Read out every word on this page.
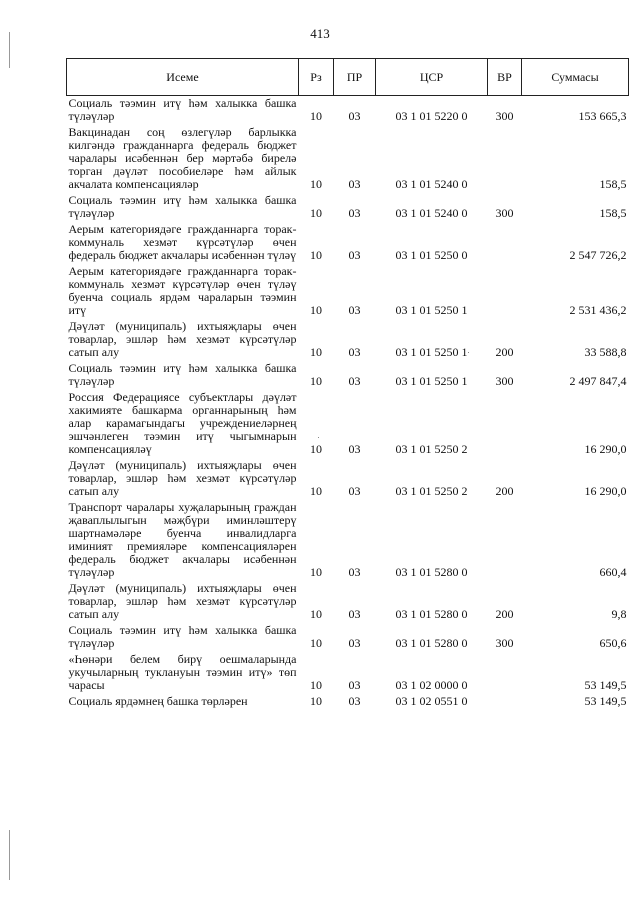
413
Исеме	Рз	ПР	ЦСР	ВР	Суммасы
Социаль тәэмин итү һәм халыкка башка түләүләр	10	03	03 1 01 5220 0	300	153 665,3
Вакцинадан соң өзлегүләр барлыкка килгәндә гражданнарга федераль бюджет чаралары исәбеннән бер мәртәбә бирелә торган дәүләт пособиеләре һәм айлык акчалата компенсацияләр	10	03	03 1 01 5240 0		158,5
Социаль тәэмин итү һәм халыкка башка түләүләр	10	03	03 1 01 5240 0	300	158,5
Аерым категориядәге гражданнарга торак-коммуналь хезмәт күрсәтүләр өчен федераль бюджет акчалары исәбеннән түләү	10	03	03 1 01 5250 0		2 547 726,2
Аерым категориядәге гражданнарга торак-коммуналь хезмәт күрсәтүләр өчен түләү буенча социаль ярдәм чараларын тәэмин итү	10	03	03 1 01 5250 1		2 531 436,2
Дәүләт (муниципаль) ихтыяҗлары өчен товарлар, эшләр һәм хезмәт күрсәтүләр сатып алу	10	03	03 1 01 5250 1	200	33 588,8
Социаль тәэмин итү һәм халыкка башка түләүләр	10	03	03 1 01 5250 1	300	2 497 847,4
Россия Федерациясе субъектлары дәүләт хакимияте башкарма органнарының һәм алар карамагындагы учреждениеләрнең эшчәнлеген тәэмин итү чыгымнарын компенсацияләү	10	03	03 1 01 5250 2		16 290,0
Дәүләт (муниципаль) ихтыяҗлары өчен товарлар, эшләр һәм хезмәт күрсәтүләр сатып алу	10	03	03 1 01 5250 2	200	16 290,0
Транспорт чаралары хуҗаларының граждан җаваплылыгын мәҗбүри иминләштерү шартнамәләре буенча инвалидларга иминият премияләре компенсацияләрен федераль бюджет акчалары исәбеннән түләүләр	10	03	03 1 01 5280 0		660,4
Дәүләт (муниципаль) ихтыяҗлары өчен товарлар, эшләр һәм хезмәт күрсәтүләр сатып алу	10	03	03 1 01 5280 0	200	9,8
Социаль тәэмин итү һәм халыкка башка түләүләр	10	03	03 1 01 5280 0	300	650,6
«Һөнәри белем бирү оешмаларында укучыларның туклануын тәэмин итү» төп чарасы	10	03	03 1 02 0000 0		53 149,5
Социаль ярдәмнең башка төрләрен	10	03	03 1 02 0551 0		53 149,5
